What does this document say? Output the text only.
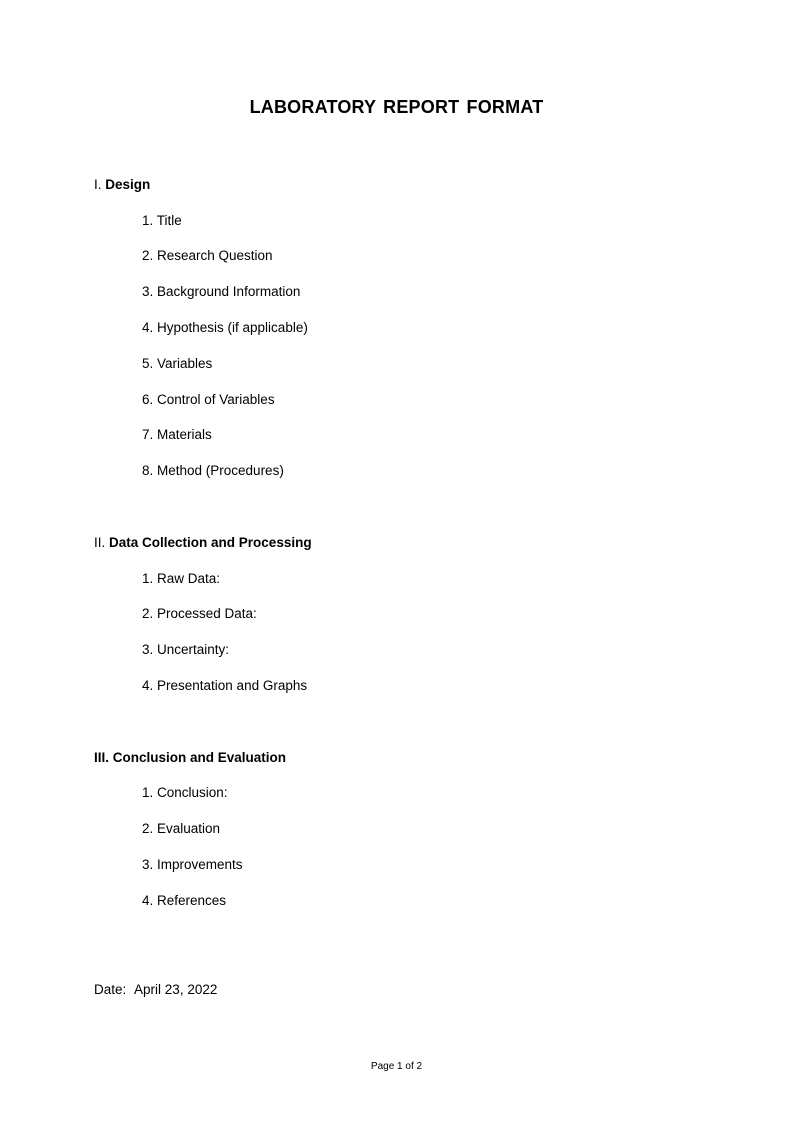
LABORATORY REPORT FORMAT
I. Design
1. Title
2. Research Question
3. Background Information
4. Hypothesis (if applicable)
5. Variables
6. Control of Variables
7. Materials
8. Method (Procedures)
II. Data Collection and Processing
1. Raw Data:
2. Processed Data:
3. Uncertainty:
4. Presentation and Graphs
III. Conclusion and Evaluation
1. Conclusion:
2. Evaluation
3. Improvements
4. References
Date: April 23, 2022
Page 1 of 2
